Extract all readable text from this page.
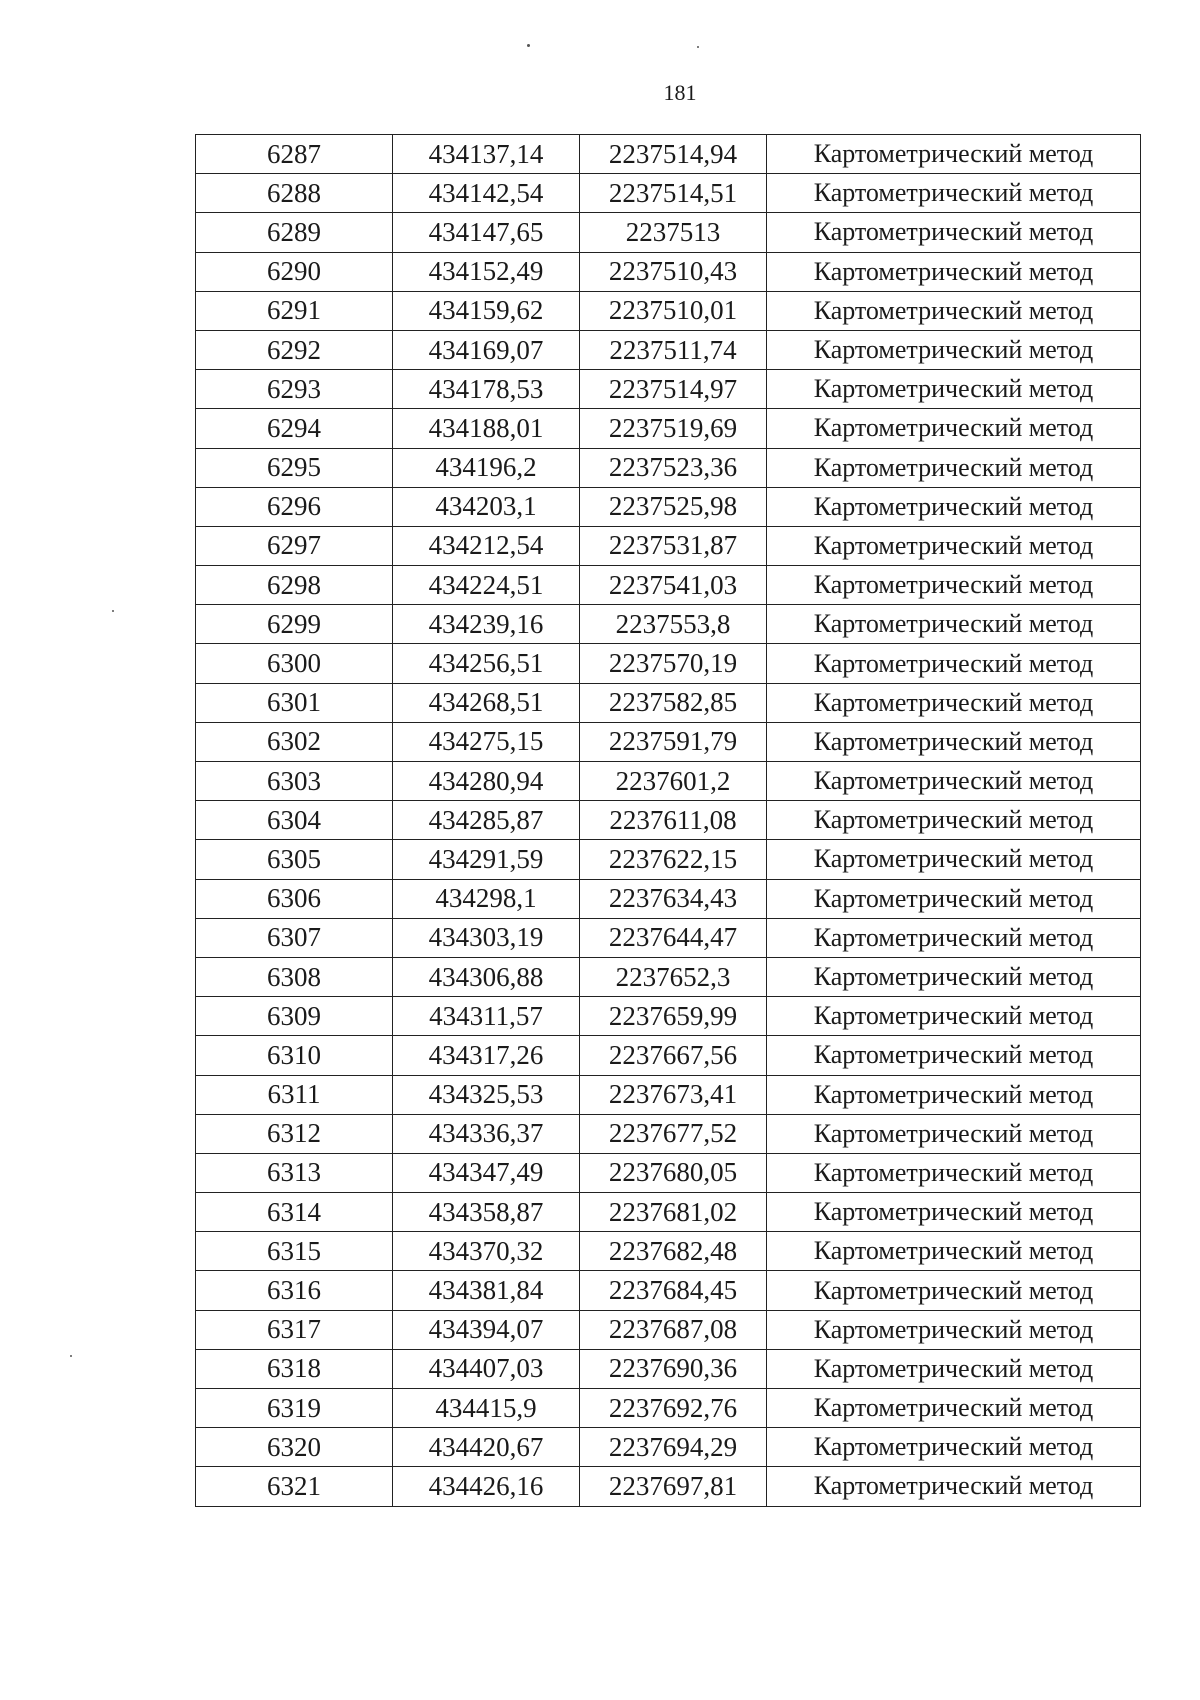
181
6287	434137,14	2237514,94	Картометрический метод
6288	434142,54	2237514,51	Картометрический метод
6289	434147,65	2237513	Картометрический метод
6290	434152,49	2237510,43	Картометрический метод
6291	434159,62	2237510,01	Картометрический метод
6292	434169,07	2237511,74	Картометрический метод
6293	434178,53	2237514,97	Картометрический метод
6294	434188,01	2237519,69	Картометрический метод
6295	434196,2	2237523,36	Картометрический метод
6296	434203,1	2237525,98	Картометрический метод
6297	434212,54	2237531,87	Картометрический метод
6298	434224,51	2237541,03	Картометрический метод
6299	434239,16	2237553,8	Картометрический метод
6300	434256,51	2237570,19	Картометрический метод
6301	434268,51	2237582,85	Картометрический метод
6302	434275,15	2237591,79	Картометрический метод
6303	434280,94	2237601,2	Картометрический метод
6304	434285,87	2237611,08	Картометрический метод
6305	434291,59	2237622,15	Картометрический метод
6306	434298,1	2237634,43	Картометрический метод
6307	434303,19	2237644,47	Картометрический метод
6308	434306,88	2237652,3	Картометрический метод
6309	434311,57	2237659,99	Картометрический метод
6310	434317,26	2237667,56	Картометрический метод
6311	434325,53	2237673,41	Картометрический метод
6312	434336,37	2237677,52	Картометрический метод
6313	434347,49	2237680,05	Картометрический метод
6314	434358,87	2237681,02	Картометрический метод
6315	434370,32	2237682,48	Картометрический метод
6316	434381,84	2237684,45	Картометрический метод
6317	434394,07	2237687,08	Картометрический метод
6318	434407,03	2237690,36	Картометрический метод
6319	434415,9	2237692,76	Картометрический метод
6320	434420,67	2237694,29	Картометрический метод
6321	434426,16	2237697,81	Картометрический метод
